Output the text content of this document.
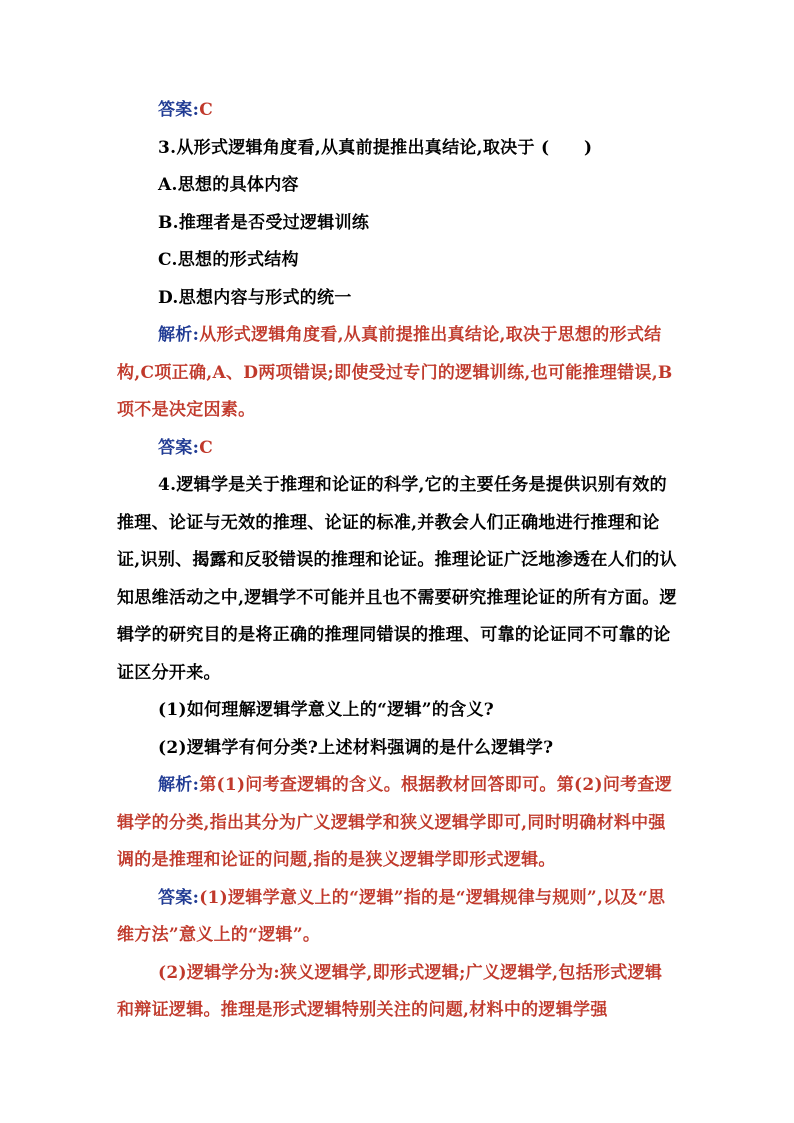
答案:C

3.从形式逻辑角度看,从真前提推出真结论,取决于 (　　)

A.思想的具体内容

B.推理者是否受过逻辑训练

C.思想的形式结构

D.思想内容与形式的统一

解析:从形式逻辑角度看,从真前提推出真结论,取决于思想的形式结构,C项正确,A、D两项错误;即使受过专门的逻辑训练,也可能推理错误,B项不是决定因素。

答案:C

4.逻辑学是关于推理和论证的科学,它的主要任务是提供识别有效的推理、论证与无效的推理、论证的标准,并教会人们正确地进行推理和论证,识别、揭露和反驳错误的推理和论证。推理论证广泛地渗透在人们的认知思维活动之中,逻辑学不可能并且也不需要研究推理论证的所有方面。逻辑学的研究目的是将正确的推理同错误的推理、可靠的论证同不可靠的论证区分开来。

(1)如何理解逻辑学意义上的“逻辑”的含义?

(2)逻辑学有何分类?上述材料强调的是什么逻辑学?

解析:第(1)问考查逻辑的含义。根据教材回答即可。第(2)问考查逻辑学的分类,指出其分为广义逻辑学和狭义逻辑学即可,同时明确材料中强调的是推理和论证的问题,指的是狭义逻辑学即形式逻辑。

答案:(1)逻辑学意义上的“逻辑”指的是“逻辑规律与规则”,以及“思维方法”意义上的“逻辑”。

(2)逻辑学分为:狭义逻辑学,即形式逻辑;广义逻辑学,包括形式逻辑和辩证逻辑。推理是形式逻辑特别关注的问题,材料中的逻辑学强
